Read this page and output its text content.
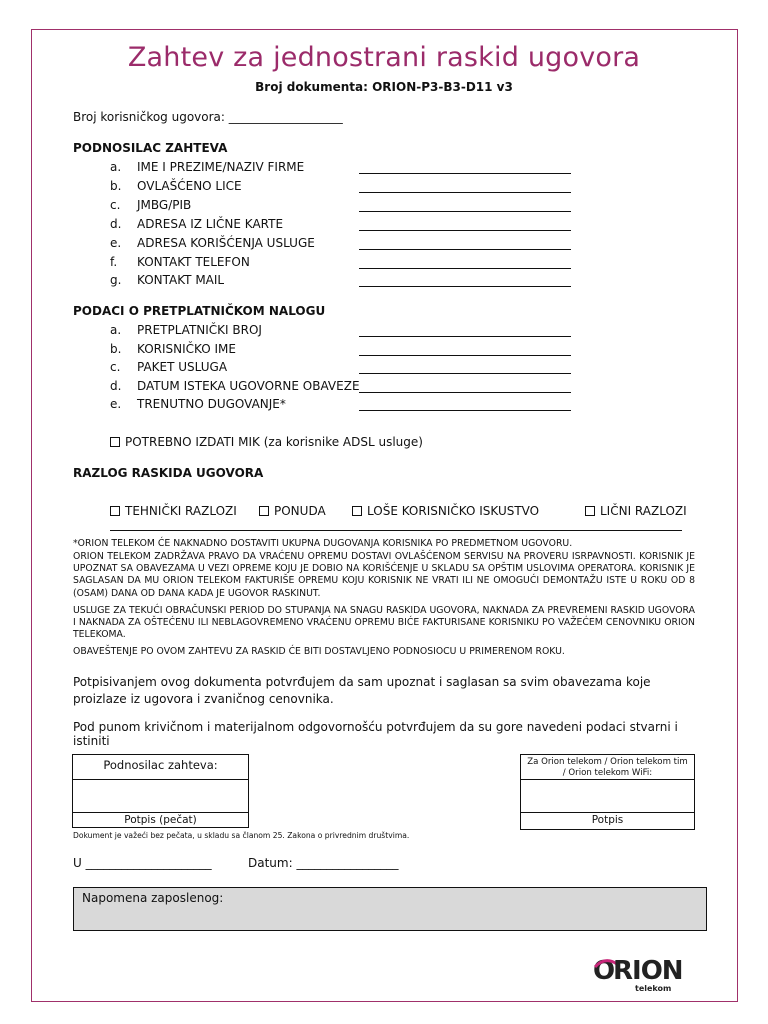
Zahtev za jednostrani raskid ugovora
Broj dokumenta: ORION-P3-B3-D11 v3
Broj korisničkog ugovora: ___________________
PODNOSILAC ZAHTEVA
a. IME I PREZIME/NAZIV FIRME
b. OVLAŠĆENO LICE
c. JMBG/PIB
d. ADRESA IZ LIČNE KARTE
e. ADRESA KORIŠĆENJA USLUGE
f. KONTAKT TELEFON
g. KONTAKT MAIL
PODACI O PRETPLATNIČKOM NALOGU
a. PRETPLATNIČKI BROJ
b. KORISNIČKO IME
c. PAKET USLUGA
d. DATUM ISTEKA UGOVORNE OBAVEZE
e. TRENUTNO DUGOVANJE*
POTREBNO IZDATI MIK (za korisnike ADSL usluge)
RAZLOG RASKIDA UGOVORA
TEHNIČKI RAZLOZI	PONUDA	LOŠE KORISNIČKO ISKUSTVO	LIČNI RAZLOZI
*ORION TELEKOM ĆE NAKNADNO DOSTAVITI UKUPNA DUGOVANJA KORISNIKA PO PREDMETNOM UGOVORU.
ORION TELEKOM ZADRŽAVA PRAVO DA VRAĆENU OPREMU DOSTAVI OVLAŠĆENOM SERVISU NA PROVERU ISRPAVNOSTI. KORISNIK JE UPOZNAT SA OBAVEZAMA U VEZI OPREME KOJU JE DOBIO NA KORIŠĆENJE U SKLADU SA OPŠTIM USLOVIMA OPERATORA. KORISNIK JE SAGLASAN DA MU ORION TELEKOM FAKTURIŠE OPREMU KOJU KORISNIK NE VRATI ILI NE OMOGUĆI DEMONTAŽU ISTE U ROKU OD 8 (OSAM) DANA OD DANA KADA JE UGOVOR RASKINUT.
USLUGE ZA TEKUĆI OBRAČUNSKI PERIOD DO STUPANJA NA SNAGU RASKIDA UGOVORA, NAKNADA ZA PREVREMENI RASKID UGOVORA I NAKNADA ZA OŠTEĆENU ILI NEBLAGOVREMENO VRAĆENU OPREMU BIĆE FAKTURISANE KORISNIKU PO VAŽEĆEM CENOVNIKU ORION TELEKOMA.
OBAVEŠTENJE PO OVOM ZAHTEVU ZA RASKID ĆE BITI DOSTAVLJENO PODNOSIOCU U PRIMERENOM ROKU.
Potpisivanjem ovog dokumenta potvrđujem da sam upoznat i saglasan sa svim obavezama koje proizlaze iz ugovora i zvaničnog cenovnika.
Pod punom krivičnom i materijalnom odgovornošću potvrđujem da su gore navedeni podaci stvarni i istiniti
Podnosilac zahteva:
Potpis (pečat)
Za Orion telekom / Orion telekom tim / Orion telekom WiFi:
Potpis
Dokument je važeći bez pečata, u skladu sa članom 25. Zakona o privrednim društvima.
U _____________________	Datum: _________________
Napomena zaposlenog:
O
RION
telekom
